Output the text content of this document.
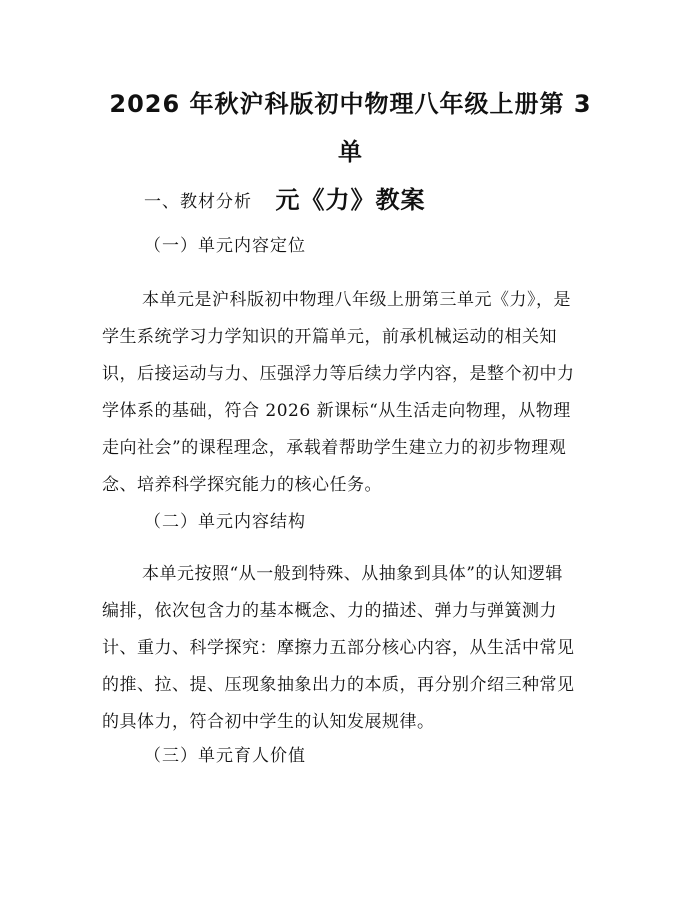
2026 年秋沪科版初中物理八年级上册第 3 单
元《力》教案
一、教材分析
（一）单元内容定位

本单元是沪科版初中物理八年级上册第三单元《力》，是
学生系统学习力学知识的开篇单元，前承机械运动的相关知
识，后接运动与力、压强浮力等后续力学内容，是整个初中力
学体系的基础，符合 2026 新课标“从生活走向物理，从物理
走向社会”的课程理念，承载着帮助学生建立力的初步物理观
念、培养科学探究能力的核心任务。

（二）单元内容结构

本单元按照“从一般到特殊、从抽象到具体”的认知逻辑
编排，依次包含力的基本概念、力的描述、弹力与弹簧测力
计、重力、科学探究：摩擦力五部分核心内容，从生活中常见
的推、拉、提、压现象抽象出力的本质，再分别介绍三种常见
的具体力，符合初中学生的认知发展规律。

（三）单元育人价值
